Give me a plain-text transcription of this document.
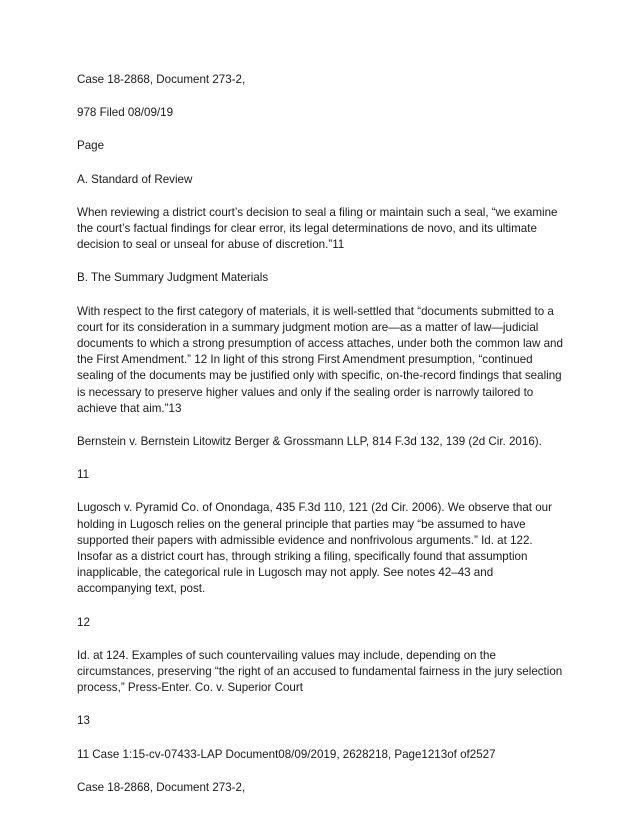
Case 18-2868, Document 273-2,

978 Filed 08/09/19

Page

A. Standard of Review

When reviewing a district court’s decision to seal a filing or maintain such a seal, “we examine the court’s factual findings for clear error, its legal determinations de novo, and its ultimate decision to seal or unseal for abuse of discretion.”11

B. The Summary Judgment Materials

With respect to the first category of materials, it is well-settled that “documents submitted to a court for its consideration in a summary judgment motion are—as a matter of law—judicial documents to which a strong presumption of access attaches, under both the common law and the First Amendment.” 12 In light of this strong First Amendment presumption, “continued sealing of the documents may be justified only with specific, on-the-record findings that sealing is necessary to preserve higher values and only if the sealing order is narrowly tailored to achieve that aim.”13

Bernstein v. Bernstein Litowitz Berger & Grossmann LLP, 814 F.3d 132, 139 (2d Cir. 2016).

11

Lugosch v. Pyramid Co. of Onondaga, 435 F.3d 110, 121 (2d Cir. 2006). We observe that our holding in Lugosch relies on the general principle that parties may “be assumed to have supported their papers with admissible evidence and nonfrivolous arguments.” Id. at 122. Insofar as a district court has, through striking a filing, specifically found that assumption inapplicable, the categorical rule in Lugosch may not apply. See notes 42–43 and accompanying text, post.

12

Id. at 124. Examples of such countervailing values may include, depending on the circumstances, preserving “the right of an accused to fundamental fairness in the jury selection process,” Press-Enter. Co. v. Superior Court

13

11 Case 1:15-cv-07433-LAP Document08/09/2019, 2628218, Page1213of of2527

Case 18-2868, Document 273-2,
